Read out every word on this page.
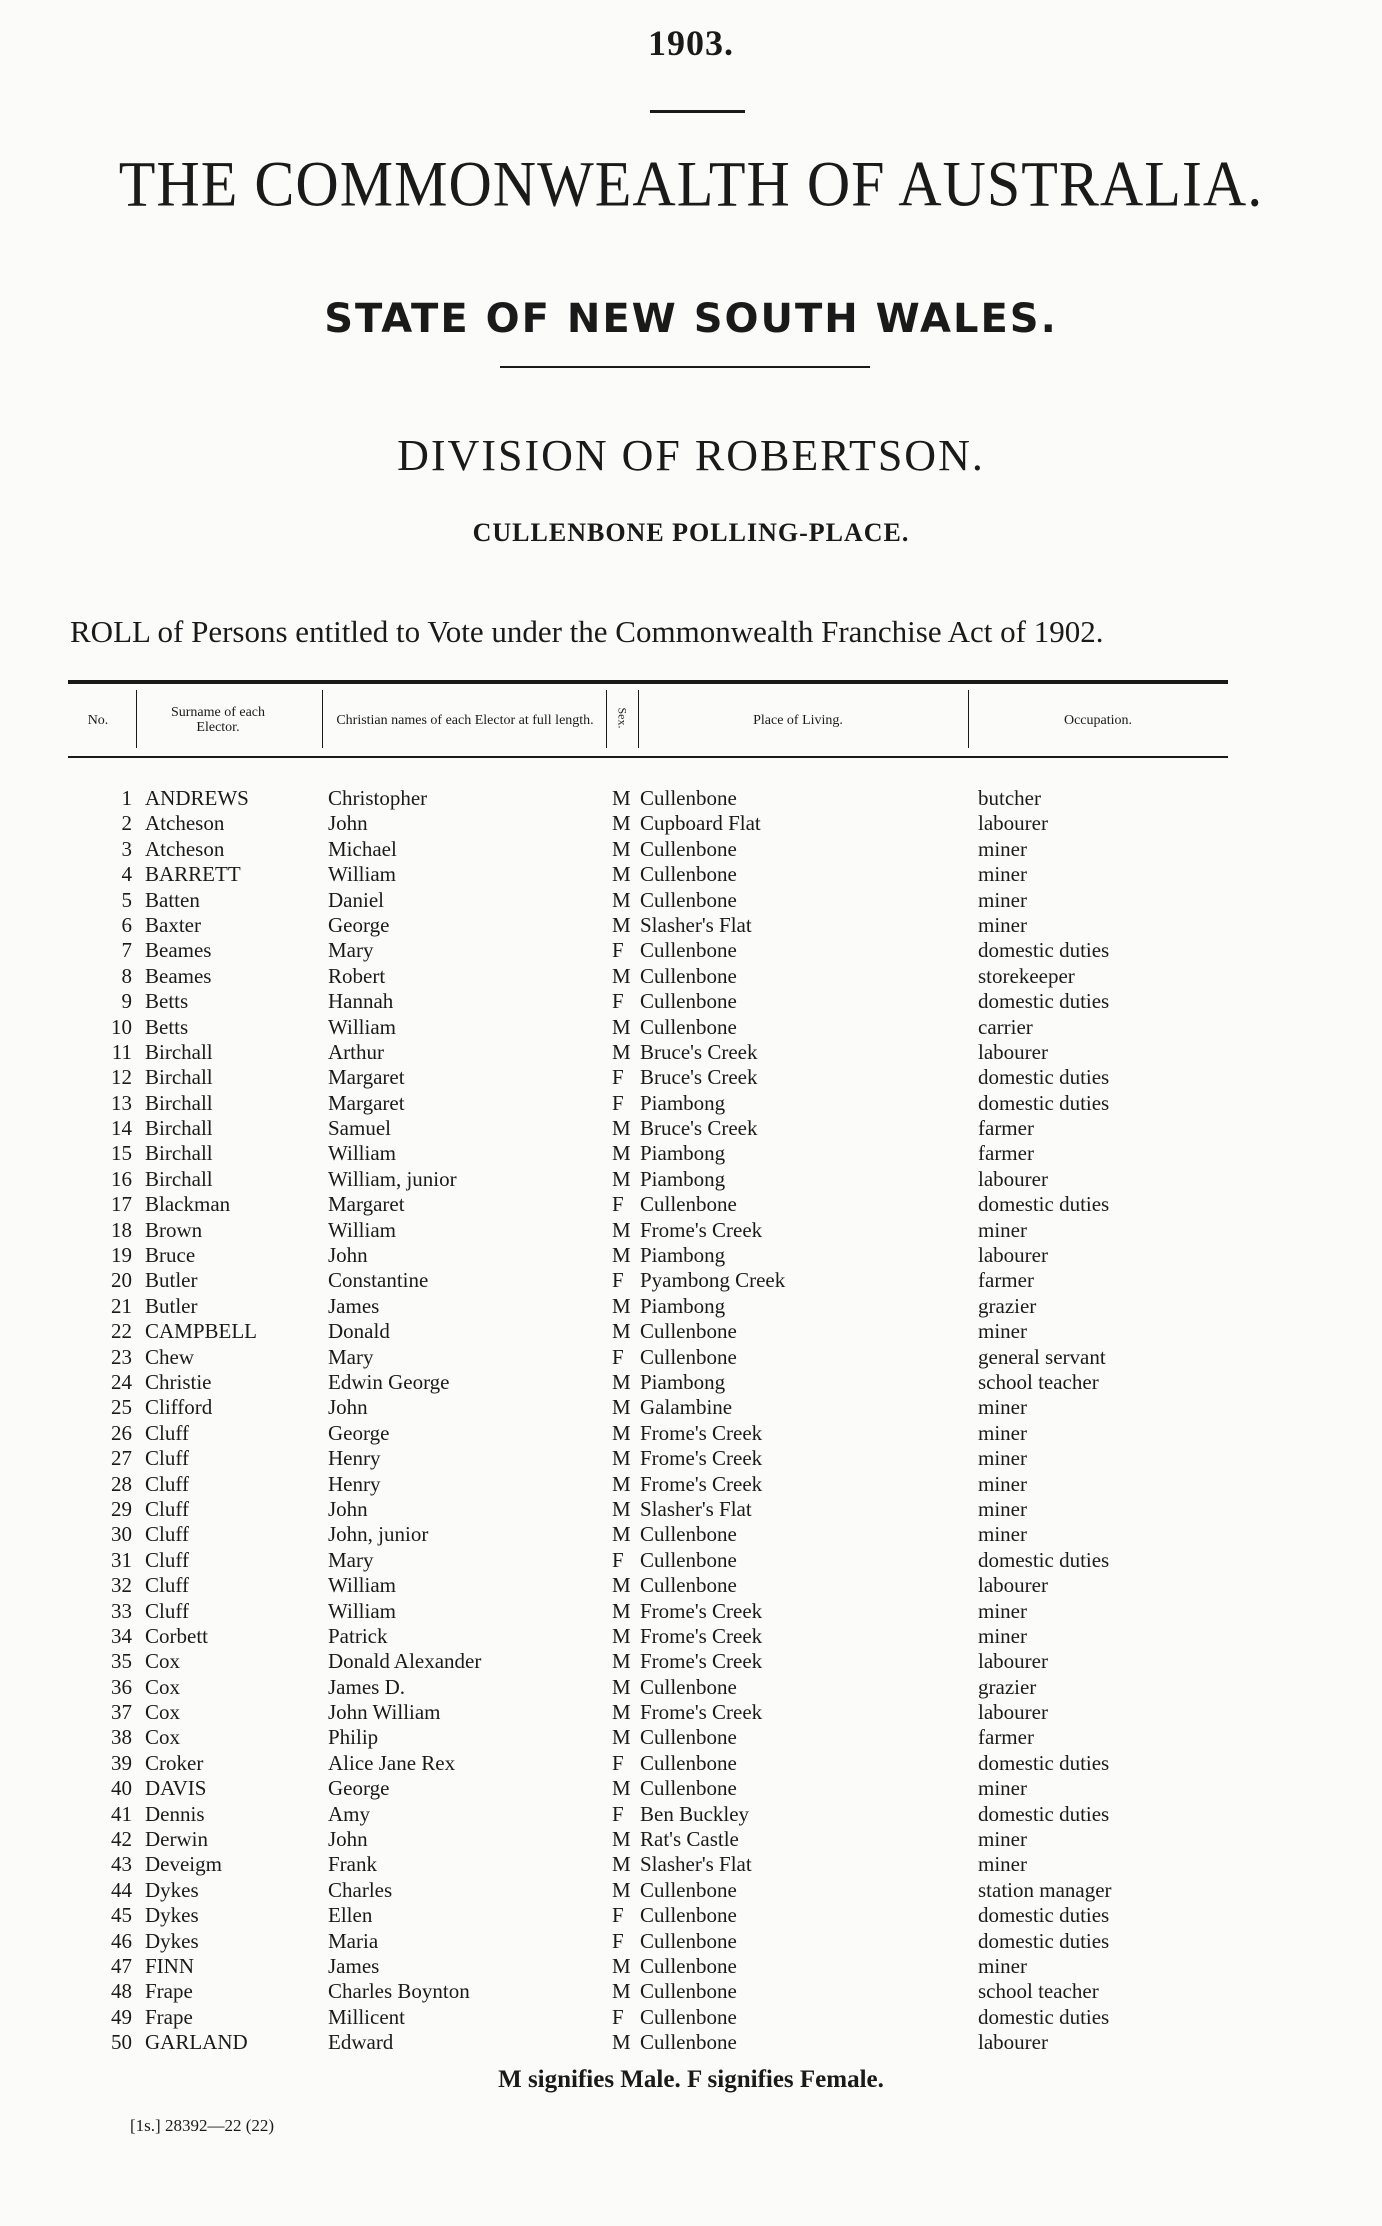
1903.
THE COMMONWEALTH OF AUSTRALIA.
STATE OF NEW SOUTH WALES.
DIVISION OF ROBERTSON.
CULLENBONE POLLING-PLACE.
ROLL of Persons entitled to Vote under the Commonwealth Franchise Act of 1902.
No.	Surname of each Elector.	Christian names of each Elector at full length.	Sex.	Place of Living.	Occupation.
1 ANDREWS	Christopher	M Cullenbone	butcher
2 Atcheson	John	M Cupboard Flat	labourer
3 Atcheson	Michael	M Cullenbone	miner
4 BARRETT	William	M Cullenbone	miner
5 Batten	Daniel	M Cullenbone	miner
6 Baxter	George	M Slasher's Flat	miner
7 Beames	Mary	F Cullenbone	domestic duties
8 Beames	Robert	M Cullenbone	storekeeper
9 Betts	Hannah	F Cullenbone	domestic duties
10 Betts	William	M Cullenbone	carrier
11 Birchall	Arthur	M Bruce's Creek	labourer
12 Birchall	Margaret	F Bruce's Creek	domestic duties
13 Birchall	Margaret	F Piambong	domestic duties
14 Birchall	Samuel	M Bruce's Creek	farmer
15 Birchall	William	M Piambong	farmer
16 Birchall	William, junior	M Piambong	labourer
17 Blackman	Margaret	F Cullenbone	domestic duties
18 Brown	William	M Frome's Creek	miner
19 Bruce	John	M Piambong	labourer
20 Butler	Constantine	F Pyambong Creek	farmer
21 Butler	James	M Piambong	grazier
22 CAMPBELL	Donald	M Cullenbone	miner
23 Chew	Mary	F Cullenbone	general servant
24 Christie	Edwin George	M Piambong	school teacher
25 Clifford	John	M Galambine	miner
26 Cluff	George	M Frome's Creek	miner
27 Cluff	Henry	M Frome's Creek	miner
28 Cluff	Henry	M Frome's Creek	miner
29 Cluff	John	M Slasher's Flat	miner
30 Cluff	John, junior	M Cullenbone	miner
31 Cluff	Mary	F Cullenbone	domestic duties
32 Cluff	William	M Cullenbone	labourer
33 Cluff	William	M Frome's Creek	miner
34 Corbett	Patrick	M Frome's Creek	miner
35 Cox	Donald Alexander	M Frome's Creek	labourer
36 Cox	James D.	M Cullenbone	grazier
37 Cox	John William	M Frome's Creek	labourer
38 Cox	Philip	M Cullenbone	farmer
39 Croker	Alice Jane Rex	F Cullenbone	domestic duties
40 DAVIS	George	M Cullenbone	miner
41 Dennis	Amy	F Ben Buckley	domestic duties
42 Derwin	John	M Rat's Castle	miner
43 Deveigm	Frank	M Slasher's Flat	miner
44 Dykes	Charles	M Cullenbone	station manager
45 Dykes	Ellen	F Cullenbone	domestic duties
46 Dykes	Maria	F Cullenbone	domestic duties
47 FINN	James	M Cullenbone	miner
48 Frape	Charles Boynton	M Cullenbone	school teacher
49 Frape	Millicent	F Cullenbone	domestic duties
50 GARLAND	Edward	M Cullenbone	labourer
M signifies Male. F signifies Female.
[1s.] 28392—22 (22)
